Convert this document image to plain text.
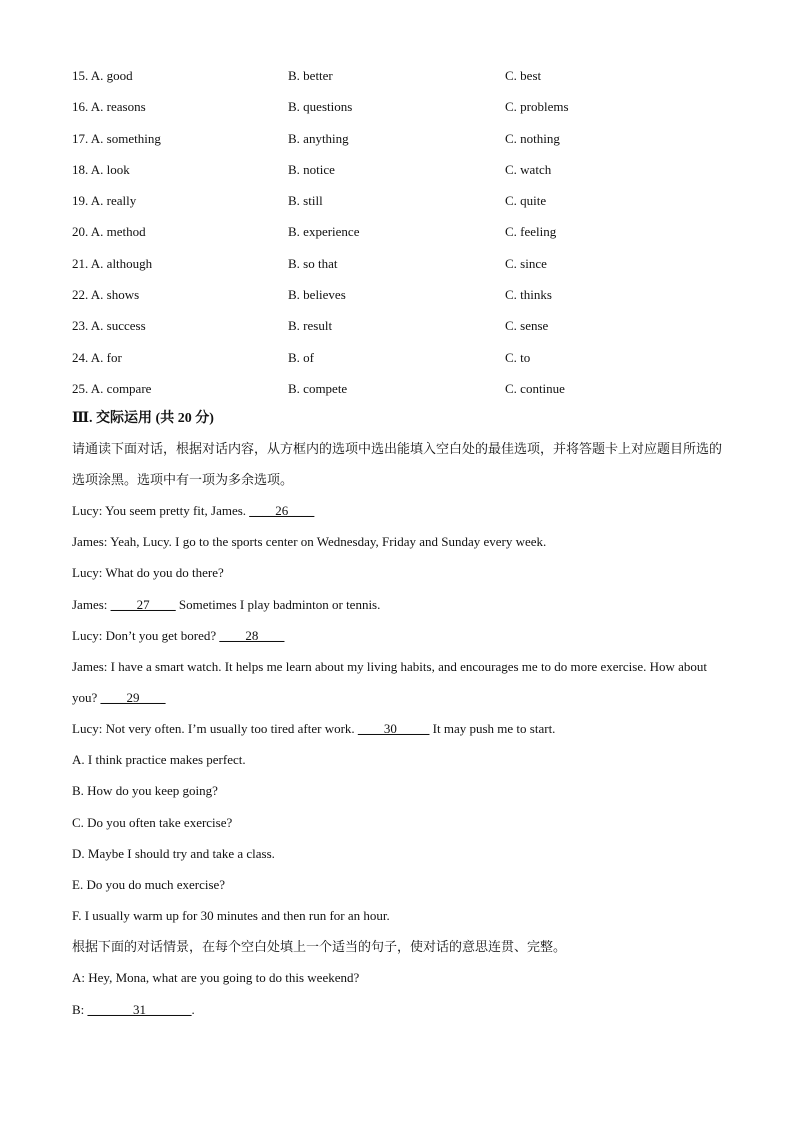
15. A. good	B. better	C. best
16. A. reasons	B. questions	C. problems
17. A. something	B. anything	C. nothing
18. A. look	B. notice	C. watch
19. A. really	B. still	C. quite
20. A. method	B. experience	C. feeling
21. A. although	B. so that	C. since
22. A. shows	B. believes	C. thinks
23. A. success	B. result	C. sense
24. A. for	B. of	C. to
25. A. compare	B. compete	C. continue
Ⅲ. 交际运用 (共 20 分)
请通读下面对话，根据对话内容，从方框内的选项中选出能填入空白处的最佳选项，并将答题卡上对应题目所选的选项涂黑。选项中有一项为多余选项。
Lucy: You seem pretty fit, James. ____26____
James: Yeah, Lucy. I go to the sports center on Wednesday, Friday and Sunday every week.
Lucy: What do you do there?
James: ____27____ Sometimes I play badminton or tennis.
Lucy: Don’t you get bored? ____28____
James: I have a smart watch. It helps me learn about my living habits, and encourages me to do more exercise. How about you? ____29____
Lucy: Not very often. I’m usually too tired after work. ____30_____ It may push me to start.
A. I think practice makes perfect.
B. How do you keep going?
C. Do you often take exercise?
D. Maybe I should try and take a class.
E. Do you do much exercise?
F. I usually warm up for 30 minutes and then run for an hour.
根据下面的对话情景，在每个空白处填上一个适当的句子，使对话的意思连贯、完整。
A: Hey, Mona, what are you going to do this weekend?
B: _______31_______.
